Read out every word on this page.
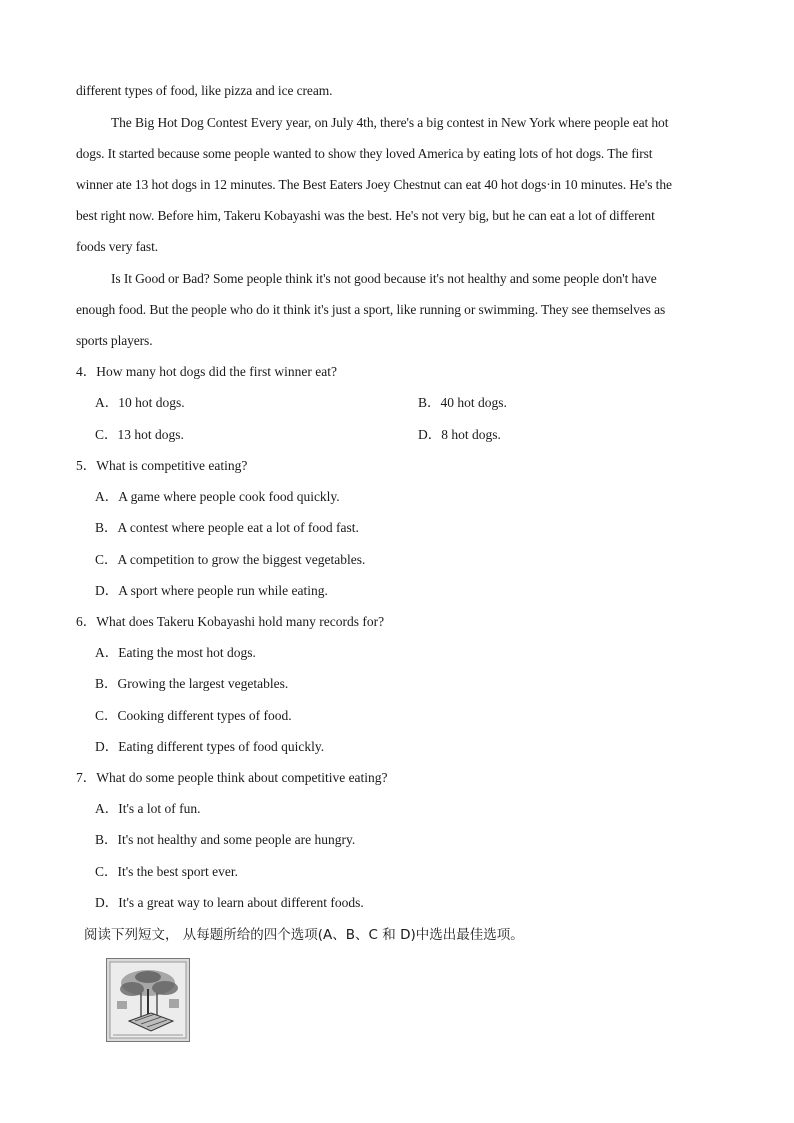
different types of food, like pizza and ice cream.
The Big Hot Dog Contest Every year, on July 4th, there's a big contest in New York where people eat hot
dogs. It started because some people wanted to show they loved America by eating lots of hot dogs. The first
winner ate 13 hot dogs in 12 minutes. The Best Eaters Joey Chestnut can eat 40 hot dogs·in 10 minutes. He's the
best right now. Before him, Takeru Kobayashi was the best. He's not very big, but he can eat a lot of different
foods very fast.
Is It Good or Bad? Some people think it's not good because it's not healthy and some people don't have
enough food. But the people who do it think it's just a sport, like running or swimming. They see themselves as
sports players.
4．How many hot dogs did the first winner eat?
A．10 hot dogs.	B．40 hot dogs.
C．13 hot dogs.	D．8 hot dogs.
5．What is competitive eating?
A．A game where people cook food quickly.
B．A contest where people eat a lot of food fast.
C．A competition to grow the biggest vegetables.
D．A sport where people run while eating.
6．What does Takeru Kobayashi hold many records for?
A．Eating the most hot dogs.
B．Growing the largest vegetables.
C．Cooking different types of food.
D．Eating different types of food quickly.
7．What do some people think about competitive eating?
A．It's a lot of fun.
B．It's not healthy and some people are hungry.
C．It's the best sport ever.
D．It's a great way to learn about different foods.
阅读下列短文， 从每题所给的四个选项(A、B、C 和 D)中选出最佳选项。
